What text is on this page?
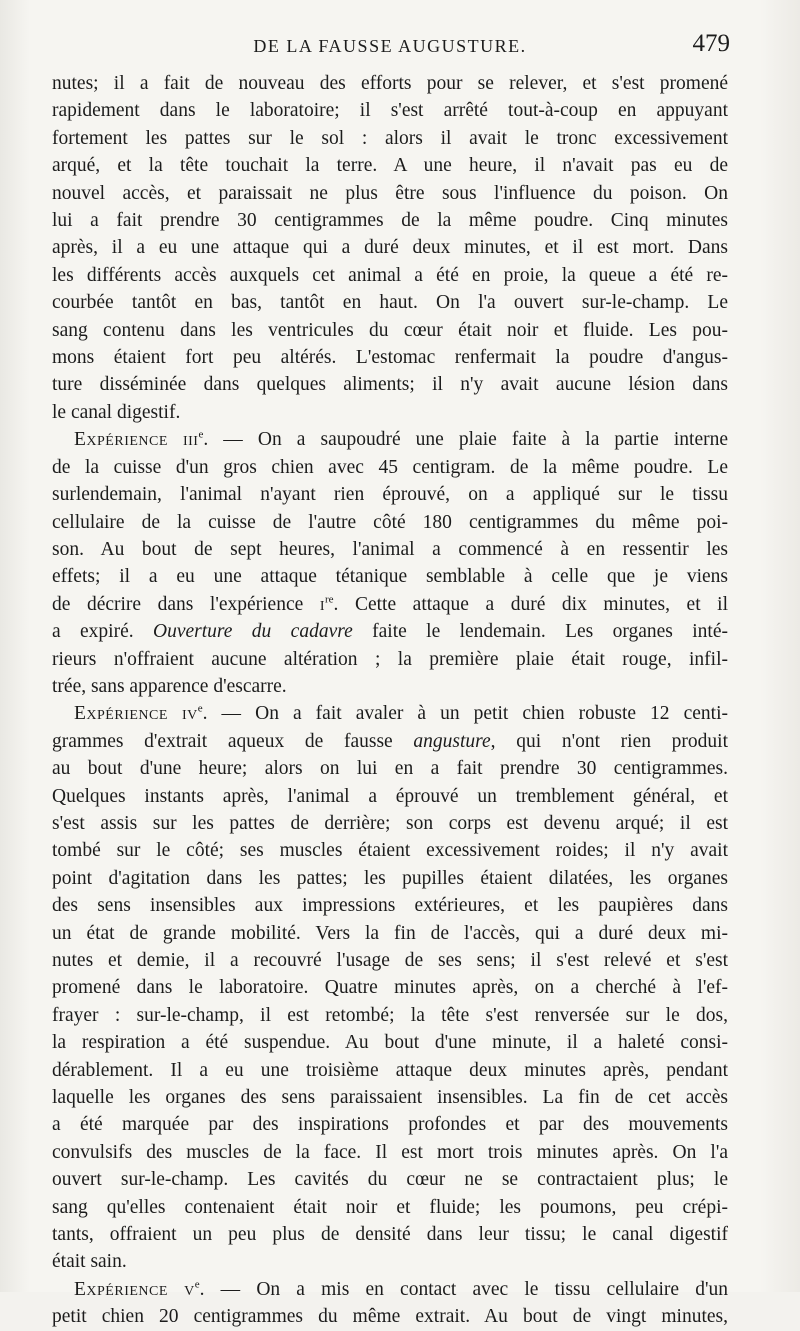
DE LA FAUSSE AUGUSTURE.	479
nutes; il a fait de nouveau des efforts pour se relever, et s'est promené
rapidement dans le laboratoire; il s'est arrêté tout-à-coup en appuyant
fortement les pattes sur le sol : alors il avait le tronc excessivement
arqué, et la tête touchait la terre. A une heure, il n'avait pas eu de
nouvel accès, et paraissait ne plus être sous l'influence du poison. On
lui a fait prendre 30 centigrammes de la même poudre. Cinq minutes
après, il a eu une attaque qui a duré deux minutes, et il est mort. Dans
les différents accès auxquels cet animal a été en proie, la queue a été re-
courbée tantôt en bas, tantôt en haut. On l'a ouvert sur-le-champ. Le
sang contenu dans les ventricules du cœur était noir et fluide. Les pou-
mons étaient fort peu altérés. L'estomac renfermait la poudre d'angus-
ture disséminée dans quelques aliments; il n'y avait aucune lésion dans
le canal digestif.
Expérience iii$^e$. — On a saupoudré une plaie faite à la partie interne
de la cuisse d'un gros chien avec 45 centigram. de la même poudre. Le
surlendemain, l'animal n'ayant rien éprouvé, on a appliqué sur le tissu
cellulaire de la cuisse de l'autre côté 180 centigrammes du même poi-
son. Au bout de sept heures, l'animal a commencé à en ressentir les
effets; il a eu une attaque tétanique semblable à celle que je viens
de décrire dans l'expérience $i^{re}$. Cette attaque a duré dix minutes, et il
a expiré. Ouverture du cadavre faite le lendemain. Les organes inté-
rieurs n'offraient aucune altération ; la première plaie était rouge, infil-
trée, sans apparence d'escarre.
Expérience $iv^e$. — On a fait avaler à un petit chien robuste 12 centi-
grammes d'extrait aqueux de fausse angusture, qui n'ont rien produit
au bout d'une heure; alors on lui en a fait prendre 30 centigrammes.
Quelques instants après, l'animal a éprouvé un tremblement général, et
s'est assis sur les pattes de derrière; son corps est devenu arqué; il est
tombé sur le côté; ses muscles étaient excessivement roides; il n'y avait
point d'agitation dans les pattes; les pupilles étaient dilatées, les organes
des sens insensibles aux impressions extérieures, et les paupières dans
un état de grande mobilité. Vers la fin de l'accès, qui a duré deux mi-
nutes et demie, il a recouvré l'usage de ses sens; il s'est relevé et s'est
promené dans le laboratoire. Quatre minutes après, on a cherché à l'ef-
frayer : sur-le-champ, il est retombé; la tête s'est renversée sur le dos,
la respiration a été suspendue. Au bout d'une minute, il a haleté consi-
dérablement. Il a eu une troisième attaque deux minutes après, pendant
laquelle les organes des sens paraissaient insensibles. La fin de cet accès
a été marquée par des inspirations profondes et par des mouvements
convulsifs des muscles de la face. Il est mort trois minutes après. On l'a
ouvert sur-le-champ. Les cavités du cœur ne se contractaient plus; le
sang qu'elles contenaient était noir et fluide; les poumons, peu crépi-
tants, offraient un peu plus de densité dans leur tissu; le canal digestif
était sain.
Expérience $v^e$. — On a mis en contact avec le tissu cellulaire d'un
petit chien 20 centigrammes du même extrait. Au bout de vingt minutes,
